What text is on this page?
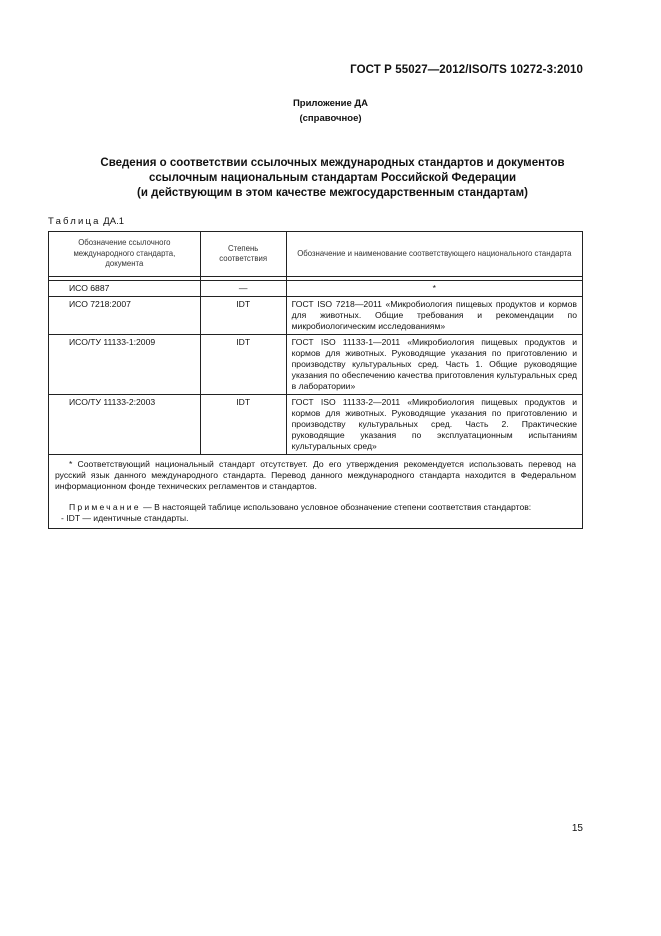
ГОСТ Р 55027—2012/ISO/TS 10272-3:2010
Приложение ДА
(справочное)
Сведения о соответствии ссылочных международных стандартов и документов
ссылочным национальным стандартам Российской Федерации
(и действующим в этом качестве межгосударственным стандартам)
Таблица ДА.1
Обозначение ссылочного международного стандарта, документа	Степень соответствия	Обозначение и наименование соответствующего национального стандарта

ИСО 6887	—	*
ИСО 7218:2007	IDT	ГОСТ ISO 7218—2011 «Микробиология пищевых продуктов и кормов для животных. Общие требования и рекомендации по микробиологическим исследованиям»
ИСО/ТУ 11133-1:2009	IDT	ГОСТ ISO 11133-1—2011 «Микробиология пищевых продуктов и кормов для животных. Руководящие указания по приготовлению и производству культуральных сред. Часть 1. Общие руководящие указания по обеспечению качества приготовления культуральных сред в лаборатории»
ИСО/ТУ 11133-2:2003	IDT	ГОСТ ISO 11133-2—2011 «Микробиология пищевых продуктов и кормов для животных. Руководящие указания по приготовлению и производству культуральных сред. Часть 2. Практические руководящие указания по эксплуатационным испытаниям культуральных сред»

* Соответствующий национальный стандарт отсутствует. До его утверждения рекомендуется использовать перевод на русский язык данного международного стандарта. Перевод данного международного стандарта находится в Федеральном информационном фонде технических регламентов и стандартов.

Примечание — В настоящей таблице использовано условное обозначение степени соответствия стандартов:

- IDT — идентичные стандарты.		

15
